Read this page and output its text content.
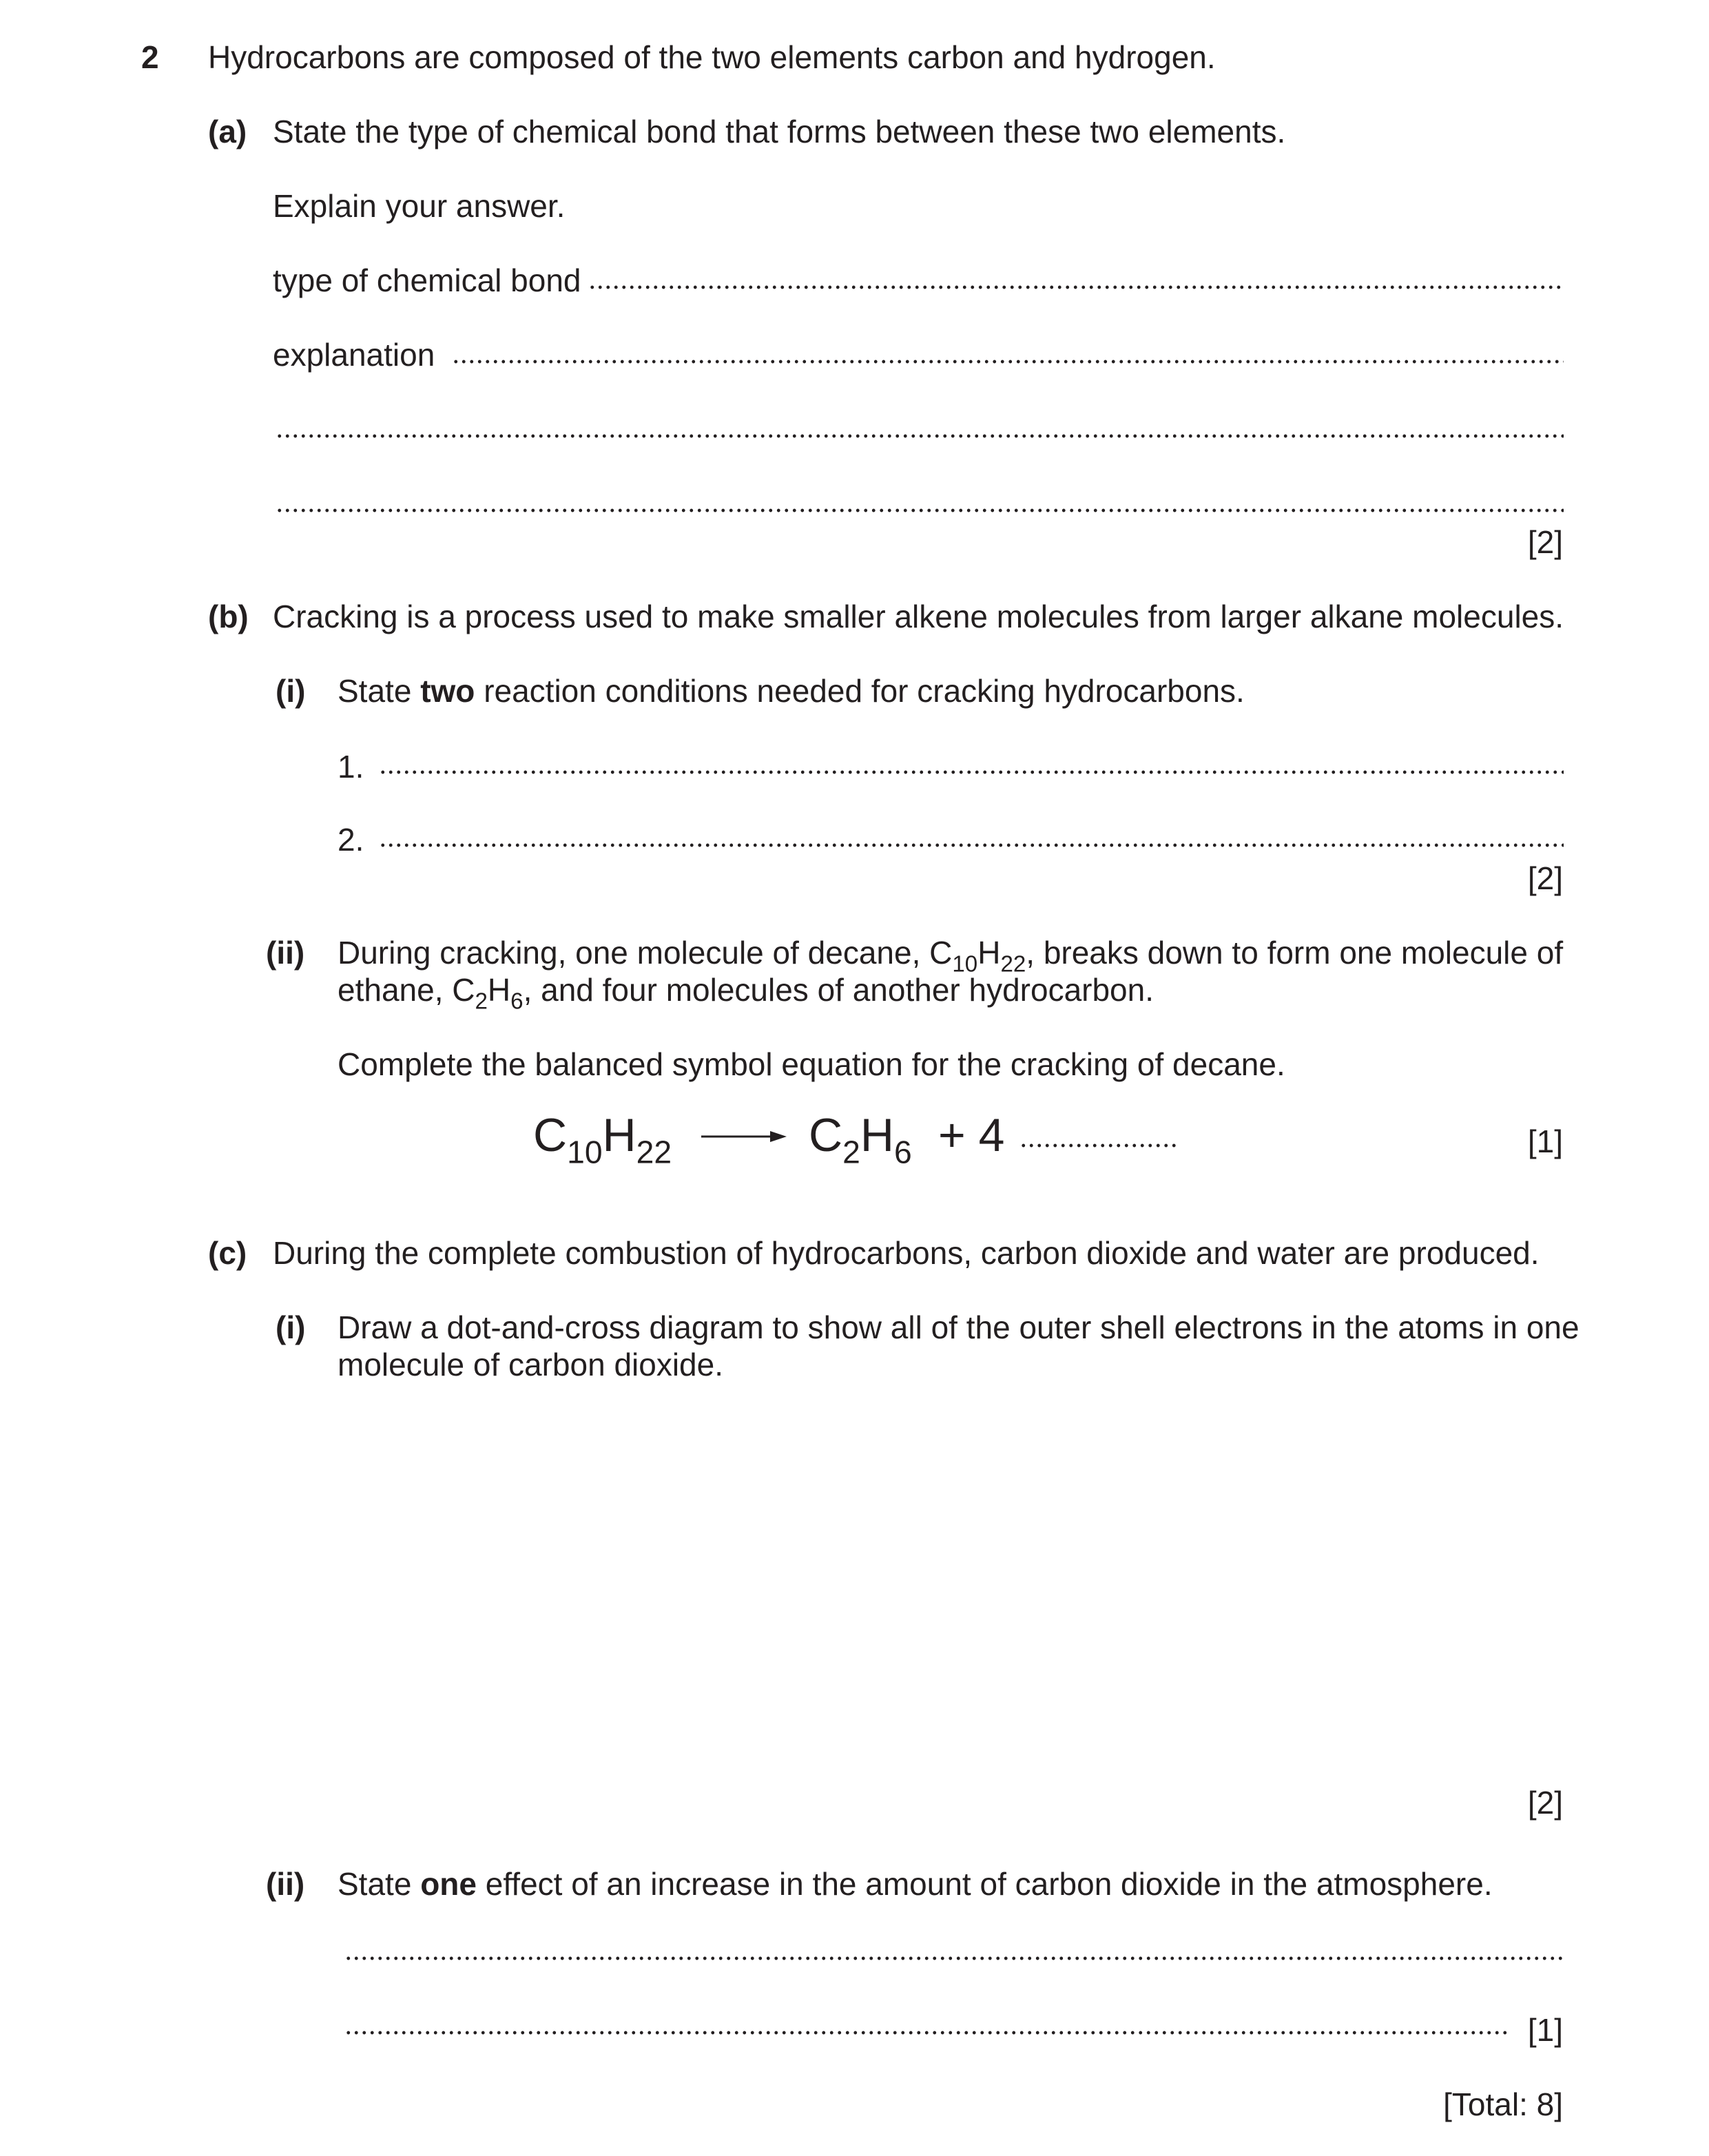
2 Hydrocarbons are composed of the two elements carbon and hydrogen.
(a) State the type of chemical bond that forms between these two elements.
Explain your answer.
type of chemical bond
explanation
[2]
(b) Cracking is a process used to make smaller alkene molecules from larger alkane molecules.
(i) State two reaction conditions needed for cracking hydrocarbons.
1.
2.
[2]
(ii) During cracking, one molecule of decane, $C_{10}H_{22}$, breaks down to form one molecule of
ethane, $C_2H_6$, and four molecules of another hydrocarbon.
Complete the balanced symbol equation for the cracking of decane.
$C_{10}H_{22} \to C_2H_6 + 4$	[1]
(c) During the complete combustion of hydrocarbons, carbon dioxide and water are produced.
(i) Draw a dot-and-cross diagram to show all of the outer shell electrons in the atoms in one
molecule of carbon dioxide.
[2]
(ii) State one effect of an increase in the amount of carbon dioxide in the atmosphere.
[1]
[Total: 8]
